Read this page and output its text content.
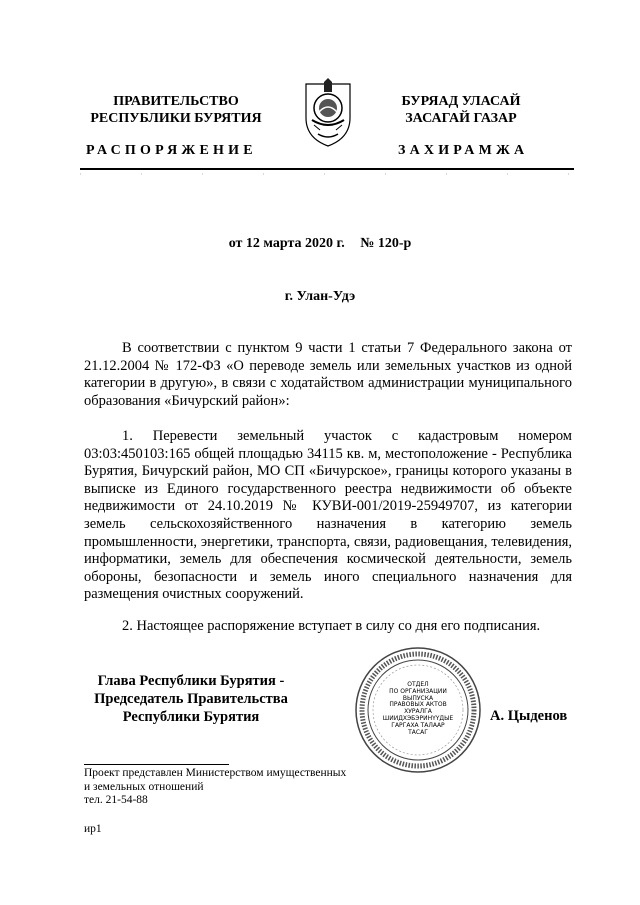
ПРАВИТЕЛЬСТВО
РЕСПУБЛИКИ БУРЯТИЯ
БУРЯАД УЛАСАЙ
ЗАСАГАЙ ГАЗАР
РАСПОРЯЖЕНИЕ	ЗАХИРАМЖА
от 12 марта 2020 г. № 120-р
г. Улан-Удэ
В соответствии с пунктом 9 части 1 статьи 7 Федерального закона от 21.12.2004 № 172-ФЗ «О переводе земель или земельных участков из одной категории в другую», в связи с ходатайством администрации муниципального образования «Бичурский район»:
1. Перевести земельный участок с кадастровым номером 03:03:450103:165 общей площадью 34115 кв. м, местоположение - Республика Бурятия, Бичурский район, МО СП «Бичурское», границы которого указаны в выписке из Единого государственного реестра недвижимости об объекте недвижимости от 24.10.2019 № КУВИ-001/2019-25949707, из категории земель сельскохозяйственного назначения в категорию земель промышленности, энергетики, транспорта, связи, радиовещания, телевидения, информатики, земель для обеспечения космической деятельности, земель обороны, безопасности и земель иного специального назначения для размещения очистных сооружений.
2. Настоящее распоряжение вступает в силу со дня его подписания.
Глава Республики Бурятия -
Председатель Правительства
Республики Бурятия
ОТДЕЛ
ПО ОРГАНИЗАЦИИ
ВЫПУСКА
ПРАВОВЫХ АКТОВ
ХУРАЛГА
ШИИДХЭБЭРИНҮҮДЫЕ
ГАРГАХА ТАЛААР
ТАСАГ
А. Цыденов
Проект представлен Министерством имущественных
и земельных отношений
тел. 21-54-88
ир1
